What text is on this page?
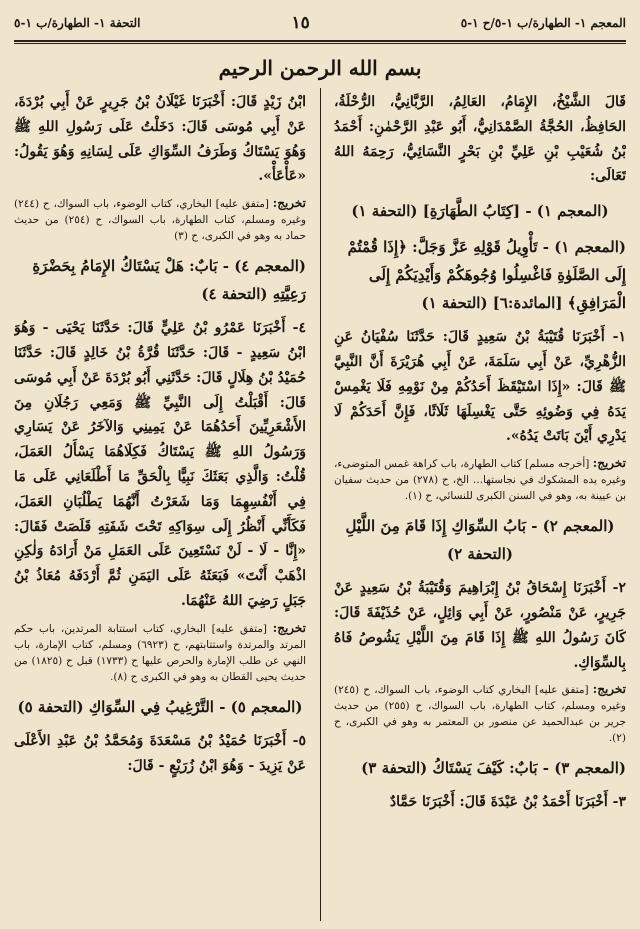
المعجم ١- الطهارة/ب ١-٥/ح ١-٥
١٥
التحفة ١- الطهارة/ب ١-٥
بسم الله الرحمن الرحيم

قَالَ الشَّيْخُ، الإِمَامُ، العَالِمُ، الرَّبَّانِيُّ، الرُّحْلَةُ، الحَافِظُ، الحُجَّةُ الصَّمْدَانِيُّ، أَبُو عَبْدِ الرَّحْمٰنِ: أَحْمَدُ بْنُ شُعَيْبِ بْنِ عَلِيِّ بْنِ بَحْرٍ النَّسَائِيُّ، رَحِمَهُ اللهُ تَعَالَى:

(المعجم ١) - [كِتَابُ الطَّهَارَةِ] (التحفة ١)
(المعجم ١) - تَأْوِيلُ قَوْلِهِ عَزَّ وَجَلَّ: ﴿إِذَا قُمْتُمْ إِلَى الصَّلَوٰةِ فَاغْسِلُوا وُجُوهَكُمْ وَأَيْدِيَكُمْ إِلَى الْمَرَافِقِ﴾ [المائدة:٦] (التحفة ١)

١- أَخْبَرَنَا قُتَيْبَةُ بْنُ سَعِيدٍ قَالَ: حَدَّثَنَا سُفْيَانُ عَنِ الزُّهْرِيِّ، عَنْ أَبِي سَلَمَةَ، عَنْ أَبِي هُرَيْرَةَ أَنَّ النَّبِيَّ ﷺ قَالَ: «إِذَا اسْتَيْقَظَ أَحَدُكُمْ مِنْ نَوْمِهِ فَلَا يَغْمِسْ يَدَهُ فِي وَضُوئِهِ حَتَّى يَغْسِلَهَا ثَلَاثًا، فَإِنَّ أَحَدَكُمْ لَا يَدْرِي أَيْنَ بَاتَتْ يَدُهُ».

تخريج: [أخرجه مسلم] كتاب الطهارة، باب كراهة غمس المتوضىء، وغيره يده المشكوك في نجاستها... الخ، ح (٢٧٨) من حديث سفيان بن عيينة به، وهو في السنن الكبرى للنسائي، ح (١).

(المعجم ٢) - بَابُ السِّوَاكِ إِذَا قَامَ مِنَ اللَّيْلِ (التحفة ٢)

٢- أَخْبَرَنَا إِسْحَاقُ بْنُ إِبْرَاهِيمَ وَقُتَيْبَةُ بْنُ سَعِيدٍ عَنْ جَرِيرٍ، عَنْ مَنْصُورٍ، عَنْ أَبِي وَائِلٍ، عَنْ حُذَيْفَةَ قَالَ: كَانَ رَسُولُ اللهِ ﷺ إِذَا قَامَ مِنَ اللَّيْلِ يَشُوصُ فَاهُ بِالسِّوَاكِ.

تخريج: [متفق عليه] البخاري كتاب الوضوء، باب السواك، ح (٢٤٥) وغيره ومسلم، كتاب الطهارة، باب السواك، ح (٢٥٥) من حديث جرير بن عبدالحميد عن منصور بن المعتمر به وهو في الكبرى، ح (٢).

(المعجم ٣) - بَابٌ: كَيْفَ يَسْتَاكُ (التحفة ٣)

٣- أَخْبَرَنَا أَحْمَدُ بْنُ عَبْدَةَ قَالَ: أَخْبَرَنَا حَمَّادٌ

ابْنُ زَيْدٍ قَالَ: أَخْبَرَنَا غَيْلَانُ بْنُ جَرِيرٍ عَنْ أَبِي بُرْدَةَ، عَنْ أَبِي مُوسَى قَالَ: دَخَلْتُ عَلَى رَسُولِ اللهِ ﷺ وَهُوَ يَسْتَاكُ وَطَرَفُ السِّوَاكِ عَلَى لِسَانِهِ وَهُوَ يَقُولُ: «عَأْعَأْ».

تخريج: [متفق عليه] البخاري، كتاب الوضوء، باب السواك، ح (٢٤٤) وغيره ومسلم، كتاب الطهارة، باب السواك، ح (٢٥٤) من حديث حماد به وهو في الكبرى، ح (٣)

(المعجم ٤) - بَابٌ: هَلْ يَسْتَاكُ الإِمَامُ بِحَضْرَةِ رَعِيَّتِهِ (التحفة ٤)

٤- أَخْبَرَنَا عَمْرُو بْنُ عَلِيٍّ قَالَ: حَدَّثَنَا يَحْيَى - وَهُوَ ابْنُ سَعِيدٍ - قَالَ: حَدَّثَنَا قُرَّةُ بْنُ خَالِدٍ قَالَ: حَدَّثَنَا حُمَيْدُ بْنُ هِلَالٍ قَالَ: حَدَّثَنِي أَبُو بُرْدَةَ عَنْ أَبِي مُوسَى قَالَ: أَقْبَلْتُ إِلَى النَّبِيِّ ﷺ وَمَعِي رَجُلَانِ مِنَ الأَشْعَرِيِّينَ أَحَدُهُمَا عَنْ يَمِينِي وَالآخَرُ عَنْ يَسَارِي وَرَسُولُ اللهِ ﷺ يَسْتَاكُ فَكِلَاهُمَا يَسْأَلُ العَمَلَ، قُلْتُ: وَالَّذِي بَعَثَكَ نَبِيًّا بِالْحَقِّ مَا أَطْلَعَانِي عَلَى مَا فِي أَنْفُسِهِمَا وَمَا شَعَرْتُ أَنَّهُمَا يَطْلُبَانِ العَمَلَ، فَكَأَنِّي أَنْظُرُ إِلَى سِوَاكِهِ تَحْتَ شَفَتِهِ قَلَصَتْ فَقَالَ: «إِنَّا - لَا - لَنْ نَسْتَعِينَ عَلَى العَمَلِ مَنْ أَرَادَهُ وَلٰكِنِ اذْهَبْ أَنْتَ» فَبَعَثَهُ عَلَى اليَمَنِ ثُمَّ أَرْدَفَهُ مُعَاذُ بْنُ جَبَلٍ رَضِيَ اللهُ عَنْهُمَا.

تخريج: [متفق عليه] البخاري، كتاب استتابة المرتدين، باب حكم المرتد والمرتدة واستتابتهم، ح (٦٩٢٣) ومسلم، كتاب الإمارة، باب النهي عن طلب الإمارة والحرص عليها ح (١٧٣٣) قبل ح (١٨٢٥) من حديث يحيى القطان به وهو في الكبرى ح (٨).

(المعجم ٥) - التَّرْغِيبُ فِي السِّوَاكِ (التحفة ٥)

٥- أَخْبَرَنَا حُمَيْدُ بْنُ مَسْعَدَةَ وَمُحَمَّدُ بْنُ عَبْدِ الأَعْلَى عَنْ يَزِيدَ - وَهُوَ ابْنُ زُرَيْعٍ - قَالَ:
